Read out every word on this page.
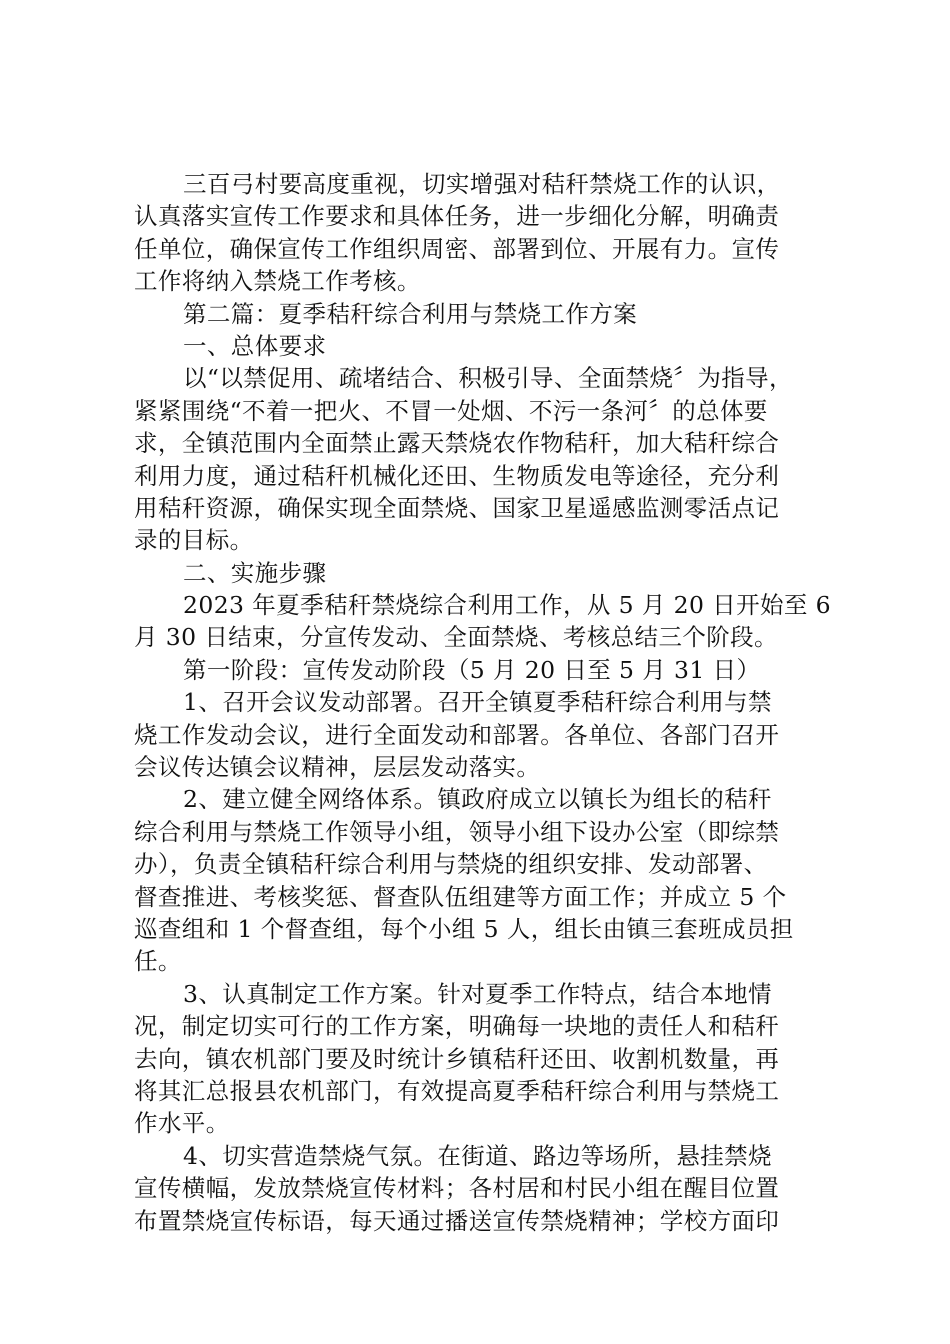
三百弓村要高度重视，切实增强对秸秆禁烧工作的认识，
认真落实宣传工作要求和具体任务，进一步细化分解，明确责
任单位，确保宣传工作组织周密、部署到位、开展有力。宣传
工作将纳入禁烧工作考核。
第二篇：夏季秸秆综合利用与禁烧工作方案
一、总体要求
以“以禁促用、疏堵结合、积极引导、全面禁烧〞为指导，
紧紧围绕“不着一把火、不冒一处烟、不污一条河〞的总体要
求，全镇范围内全面禁止露天禁烧农作物秸秆，加大秸秆综合
利用力度，通过秸秆机械化还田、生物质发电等途径，充分利
用秸秆资源，确保实现全面禁烧、国家卫星遥感监测零活点记
录的目标。
二、实施步骤
2023 年夏季秸秆禁烧综合利用工作，从 5 月 20 日开始至 6
月 30 日结束，分宣传发动、全面禁烧、考核总结三个阶段。
第一阶段：宣传发动阶段（5 月 20 日至 5 月 31 日）
1、召开会议发动部署。召开全镇夏季秸秆综合利用与禁
烧工作发动会议，进行全面发动和部署。各单位、各部门召开
会议传达镇会议精神，层层发动落实。
2、建立健全网络体系。镇政府成立以镇长为组长的秸秆
综合利用与禁烧工作领导小组，领导小组下设办公室（即综禁
办），负责全镇秸秆综合利用与禁烧的组织安排、发动部署、
督查推进、考核奖惩、督查队伍组建等方面工作；并成立 5 个
巡查组和 1 个督查组，每个小组 5 人，组长由镇三套班成员担
任。
3、认真制定工作方案。针对夏季工作特点，结合本地情
况，制定切实可行的工作方案，明确每一块地的责任人和秸秆
去向，镇农机部门要及时统计乡镇秸秆还田、收割机数量，再
将其汇总报县农机部门，有效提高夏季秸秆综合利用与禁烧工
作水平。
4、切实营造禁烧气氛。在街道、路边等场所，悬挂禁烧
宣传横幅，发放禁烧宣传材料；各村居和村民小组在醒目位置
布置禁烧宣传标语，每天通过播送宣传禁烧精神；学校方面印
